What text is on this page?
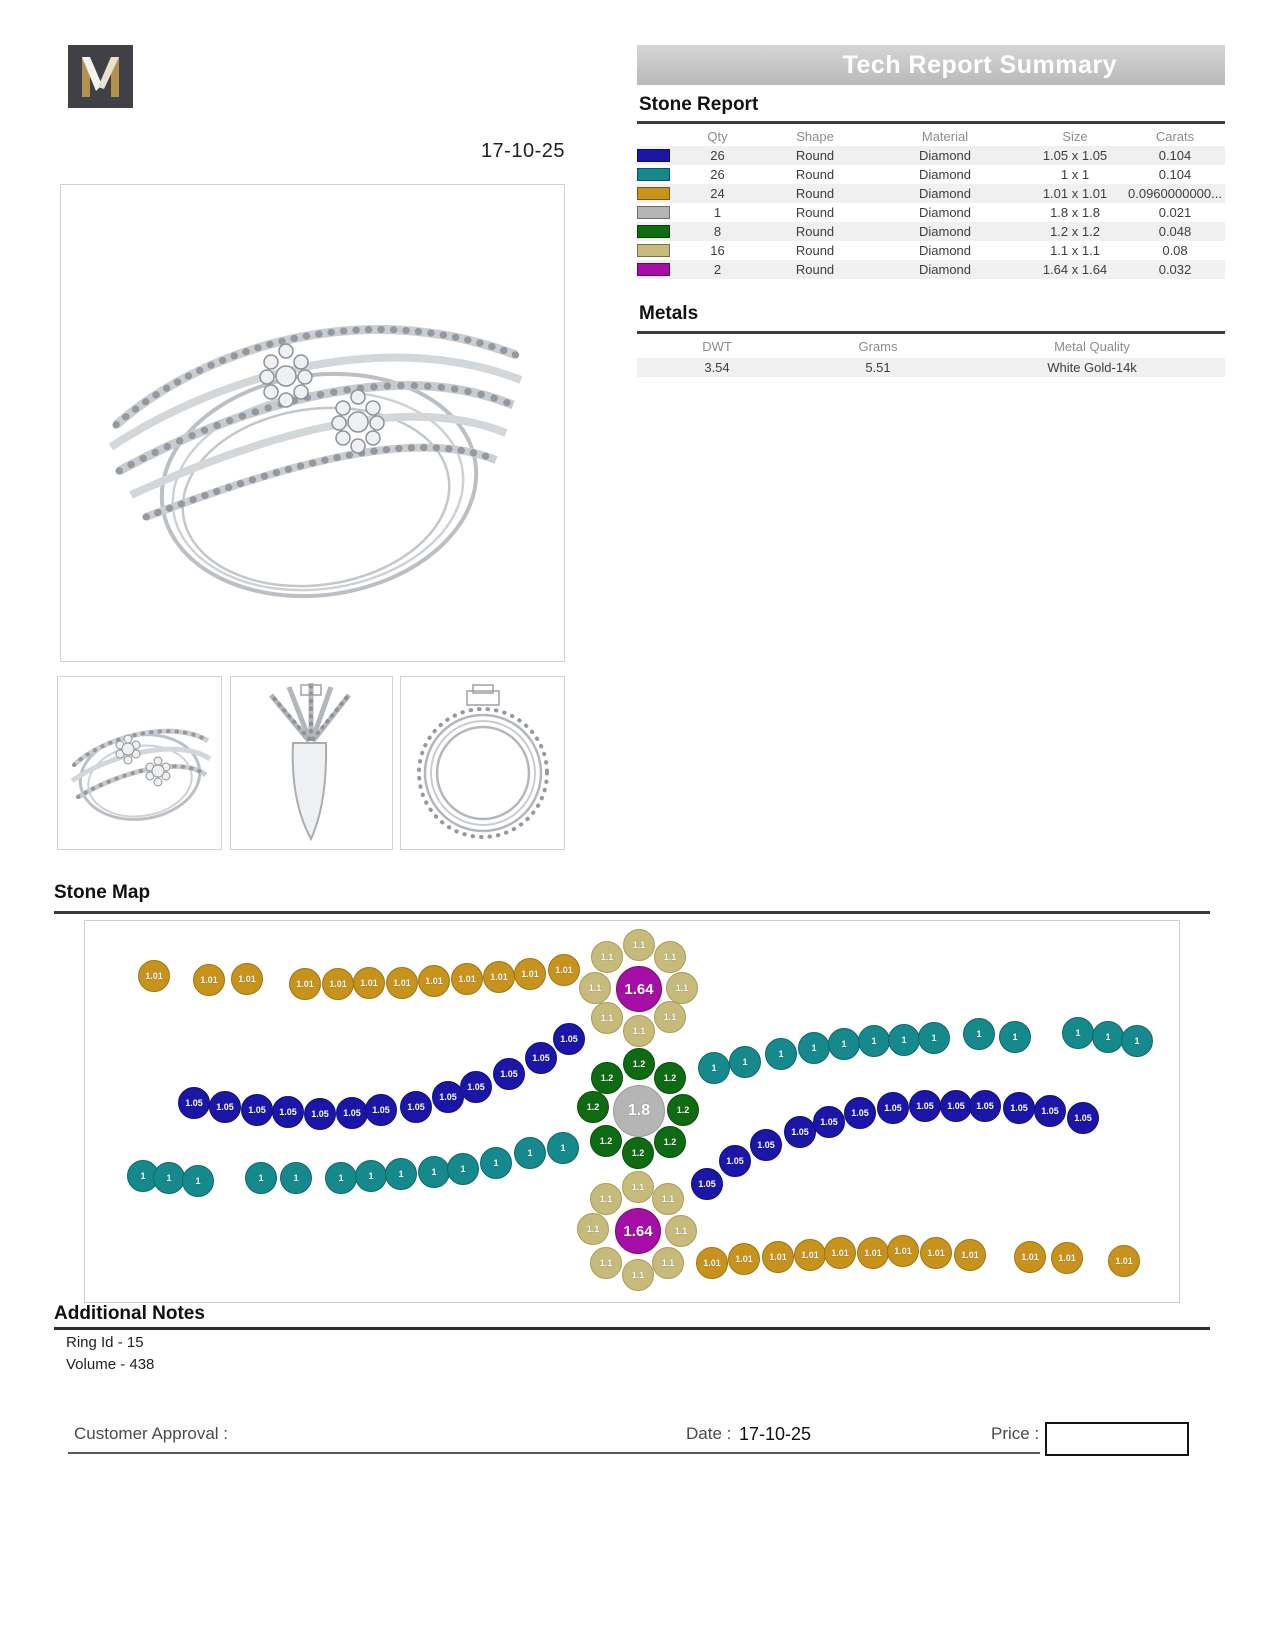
Tech Report Summary
17-10-25
Stone Report
Qty	Shape	Material	Size	Carats
26	Round	Diamond	1.05 x 1.05	0.104
26	Round	Diamond	1 x 1	0.104
24	Round	Diamond	1.01 x 1.01	0.0960000000...
1	Round	Diamond	1.8 x 1.8	0.021
8	Round	Diamond	1.2 x 1.2	0.048
16	Round	Diamond	1.1 x 1.1	0.08
2	Round	Diamond	1.64 x 1.64	0.032
Metals
DWT	Grams	Metal Quality
3.54	5.51	White Gold-14k
Stone Map
1.01	1.01	1.01	1.01	1.01	1.01	1.01	1.01	1.01	1.01	1.01	1.01
1.1
1.1	1.1
1.1	1.1
1.1	1.1
1.1
1.64
1.05	1.05	1.05	1.05	1.05	1.05	1.05	1.05
1.05
1.05
1.05
1.05
1.05
1.2
1.2	1.2
1.2	1.2
1.2	1.2
1.2
1.8
1
1
1
1	1	1	1	1	1	1	1	1	1
1.05
1.05
1.05
1.05
1.05
1.05	1.05	1.05	1.05	1.05	1.05	1.05
1.05
1	1	1	1	1	1	1	1	1	1
1
1	1
1.1
1.1	1.1
1.1	1.1
1.1	1.1
1.1
1.64
1.01	1.01	1.01	1.01	1.01	1.01	1.01	1.01	1.01	1.01	1.01	1.01
Additional Notes
Ring Id - 15
Volume - 438
Customer Approval :	Date : 17-10-25	Price :
